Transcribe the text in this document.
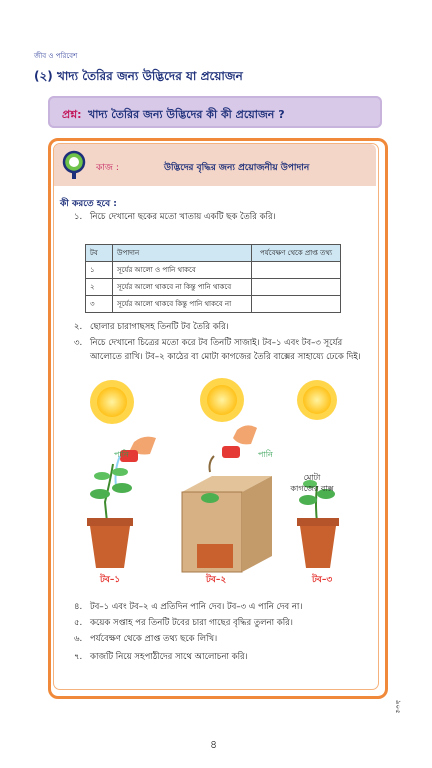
জীব ও পরিবেশ
(২) খাদ্য তৈরির জন্য উদ্ভিদের যা প্রয়োজন
প্রশ্ন: খাদ্য তৈরির জন্য উদ্ভিদের কী কী প্রয়োজন ?
কাজ :	উদ্ভিদের বৃদ্ধির জন্য প্রয়োজনীয় উপাদান
কী করতে হবে :
১. নিচে দেখানো ছকের মতো খাতায় একটি ছক তৈরি করি।
টব	উপাদান	পর্যবেক্ষণ থেকে প্রাপ্ত তথ্য
১	সূর্যের আলো ও পানি থাকবে	
২	সূর্যের আলো থাকবে না কিন্তু পানি থাকবে	
৩	সূর্যের আলো থাকবে কিন্তু পানি থাকবে না	
২. ছোলার চারাগাছসহ তিনটি টব তৈরি করি।
৩. নিচে দেখানো চিত্রের মতো করে টব তিনটি সাজাই। টব–১ এবং টব–৩ সূর্যের
আলোতে রাখি। টব–২ কাঠের বা মোটা কাগজের তৈরি বাক্সের সাহায্যে ঢেকে দিই।
পানি	পানি
মোটা
কাগজের বাক্স
টব–১	টব–২	টব–৩
৪. টব–১ এবং টব–২ এ প্রতিদিন পানি দেব। টব–৩ এ পানি দেব না।
৫. কয়েক সপ্তাহ পর তিনটি টবের চারা গাছের বৃদ্ধির তুলনা করি।
৬. পর্যবেক্ষণ থেকে প্রাপ্ত তথ্য ছকে লিখি।
৭. কাজটি নিয়ে সহপাঠীদের সাথে আলোচনা করি।
৯০৫
৪
